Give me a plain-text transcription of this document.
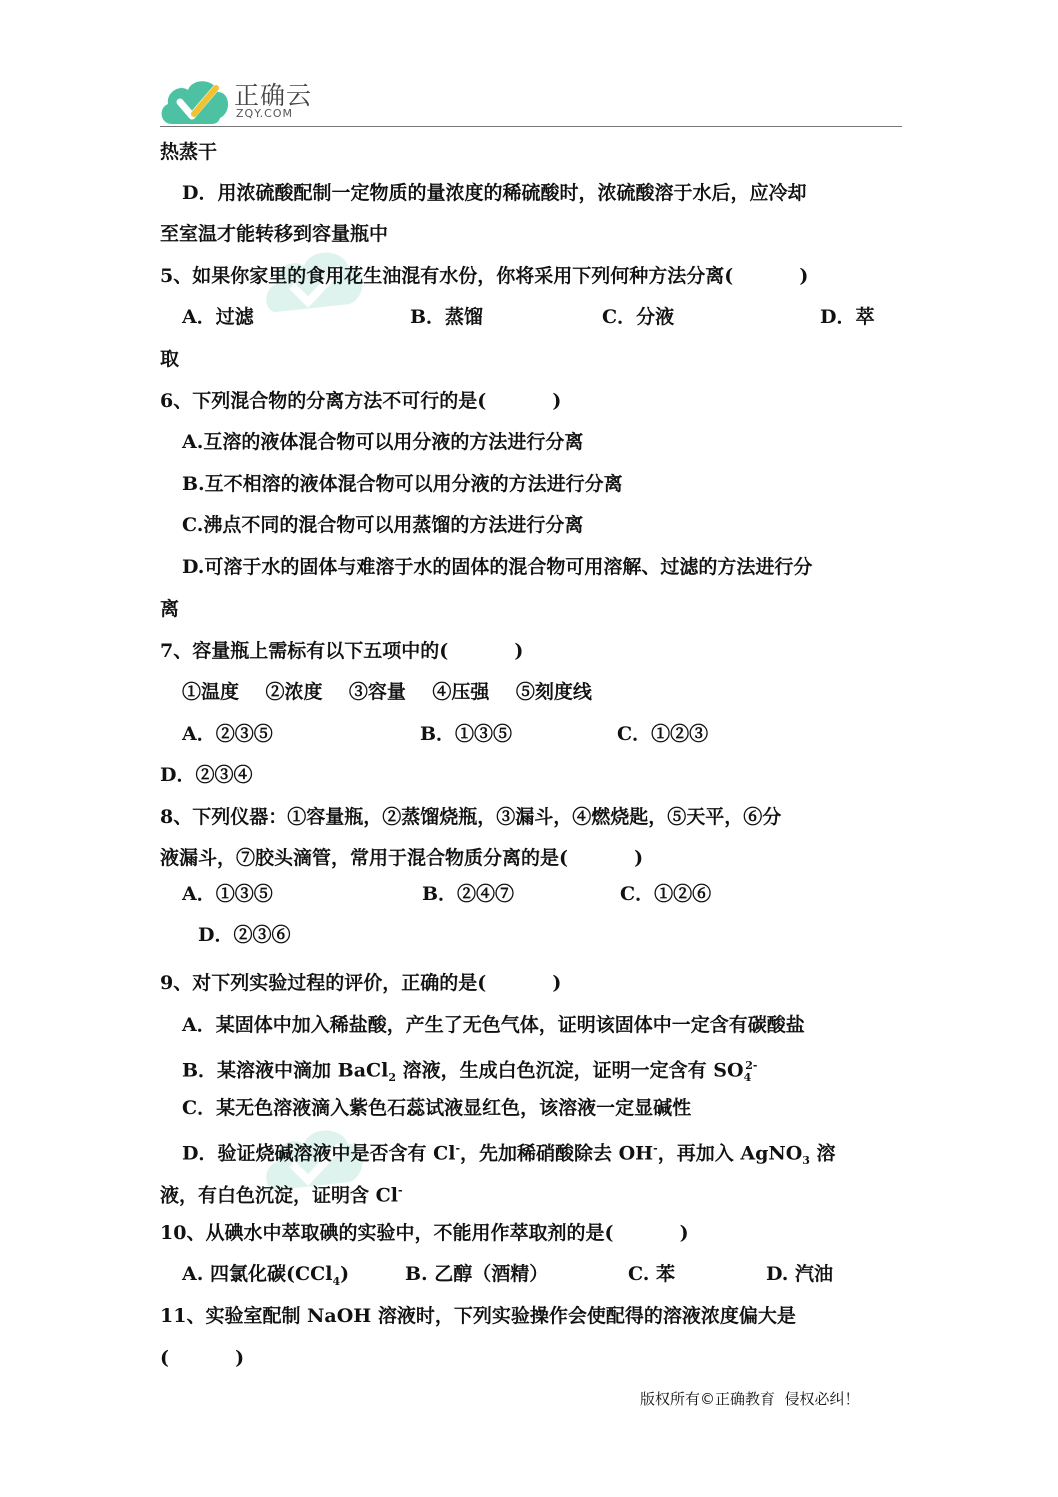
正确云
ZQY.COM
热蒸干
D．用浓硫酸配制一定物质的量浓度的稀硫酸时，浓硫酸溶于水后，应冷却
至室温才能转移到容量瓶中
5、如果你家里的食用花生油混有水份，你将采用下列何种方法分离(          )
A．过滤	B．蒸馏	C．分液	D．萃
取
6、下列混合物的分离方法不可行的是(          )
A.互溶的液体混合物可以用分液的方法进行分离
B.互不相溶的液体混合物可以用分液的方法进行分离
C.沸点不同的混合物可以用蒸馏的方法进行分离
D.可溶于水的固体与难溶于水的固体的混合物可用溶解、过滤的方法进行分
离
7、容量瓶上需标有以下五项中的(          )
①温度    ②浓度    ③容量    ④压强    ⑤刻度线
A．②③⑤	B．①③⑤	C．①②③
D．②③④
8、下列仪器：①容量瓶，②蒸馏烧瓶，③漏斗，④燃烧匙，⑤天平，⑥分
液漏斗，⑦胶头滴管，常用于混合物质分离的是(          )
A．①③⑤	B．②④⑦	C．①②⑥
D．②③⑥
9、对下列实验过程的评价，正确的是(          )
A．某固体中加入稀盐酸，产生了无色气体，证明该固体中一定含有碳酸盐
B．某溶液中滴加 BaCl$_2$ 溶液，生成白色沉淀，证明一定含有 $SO_4^{2-}$
C．某无色溶液滴入紫色石蕊试液显红色，该溶液一定显碱性
D．验证烧碱溶液中是否含有 Cl-，先加稀硝酸除去 OH-，再加入 AgNO$_3$ 溶
液，有白色沉淀，证明含 Cl-
10、从碘水中萃取碘的实验中，不能用作萃取剂的是(          )
A. 四氯化碳(CCl$_4$)	B. 乙醇（酒精）	C. 苯	D. 汽油
11、实验室配制 NaOH 溶液时，下列实验操作会使配得的溶液浓度偏大是
(          )
版权所有©正确教育  侵权必纠！
